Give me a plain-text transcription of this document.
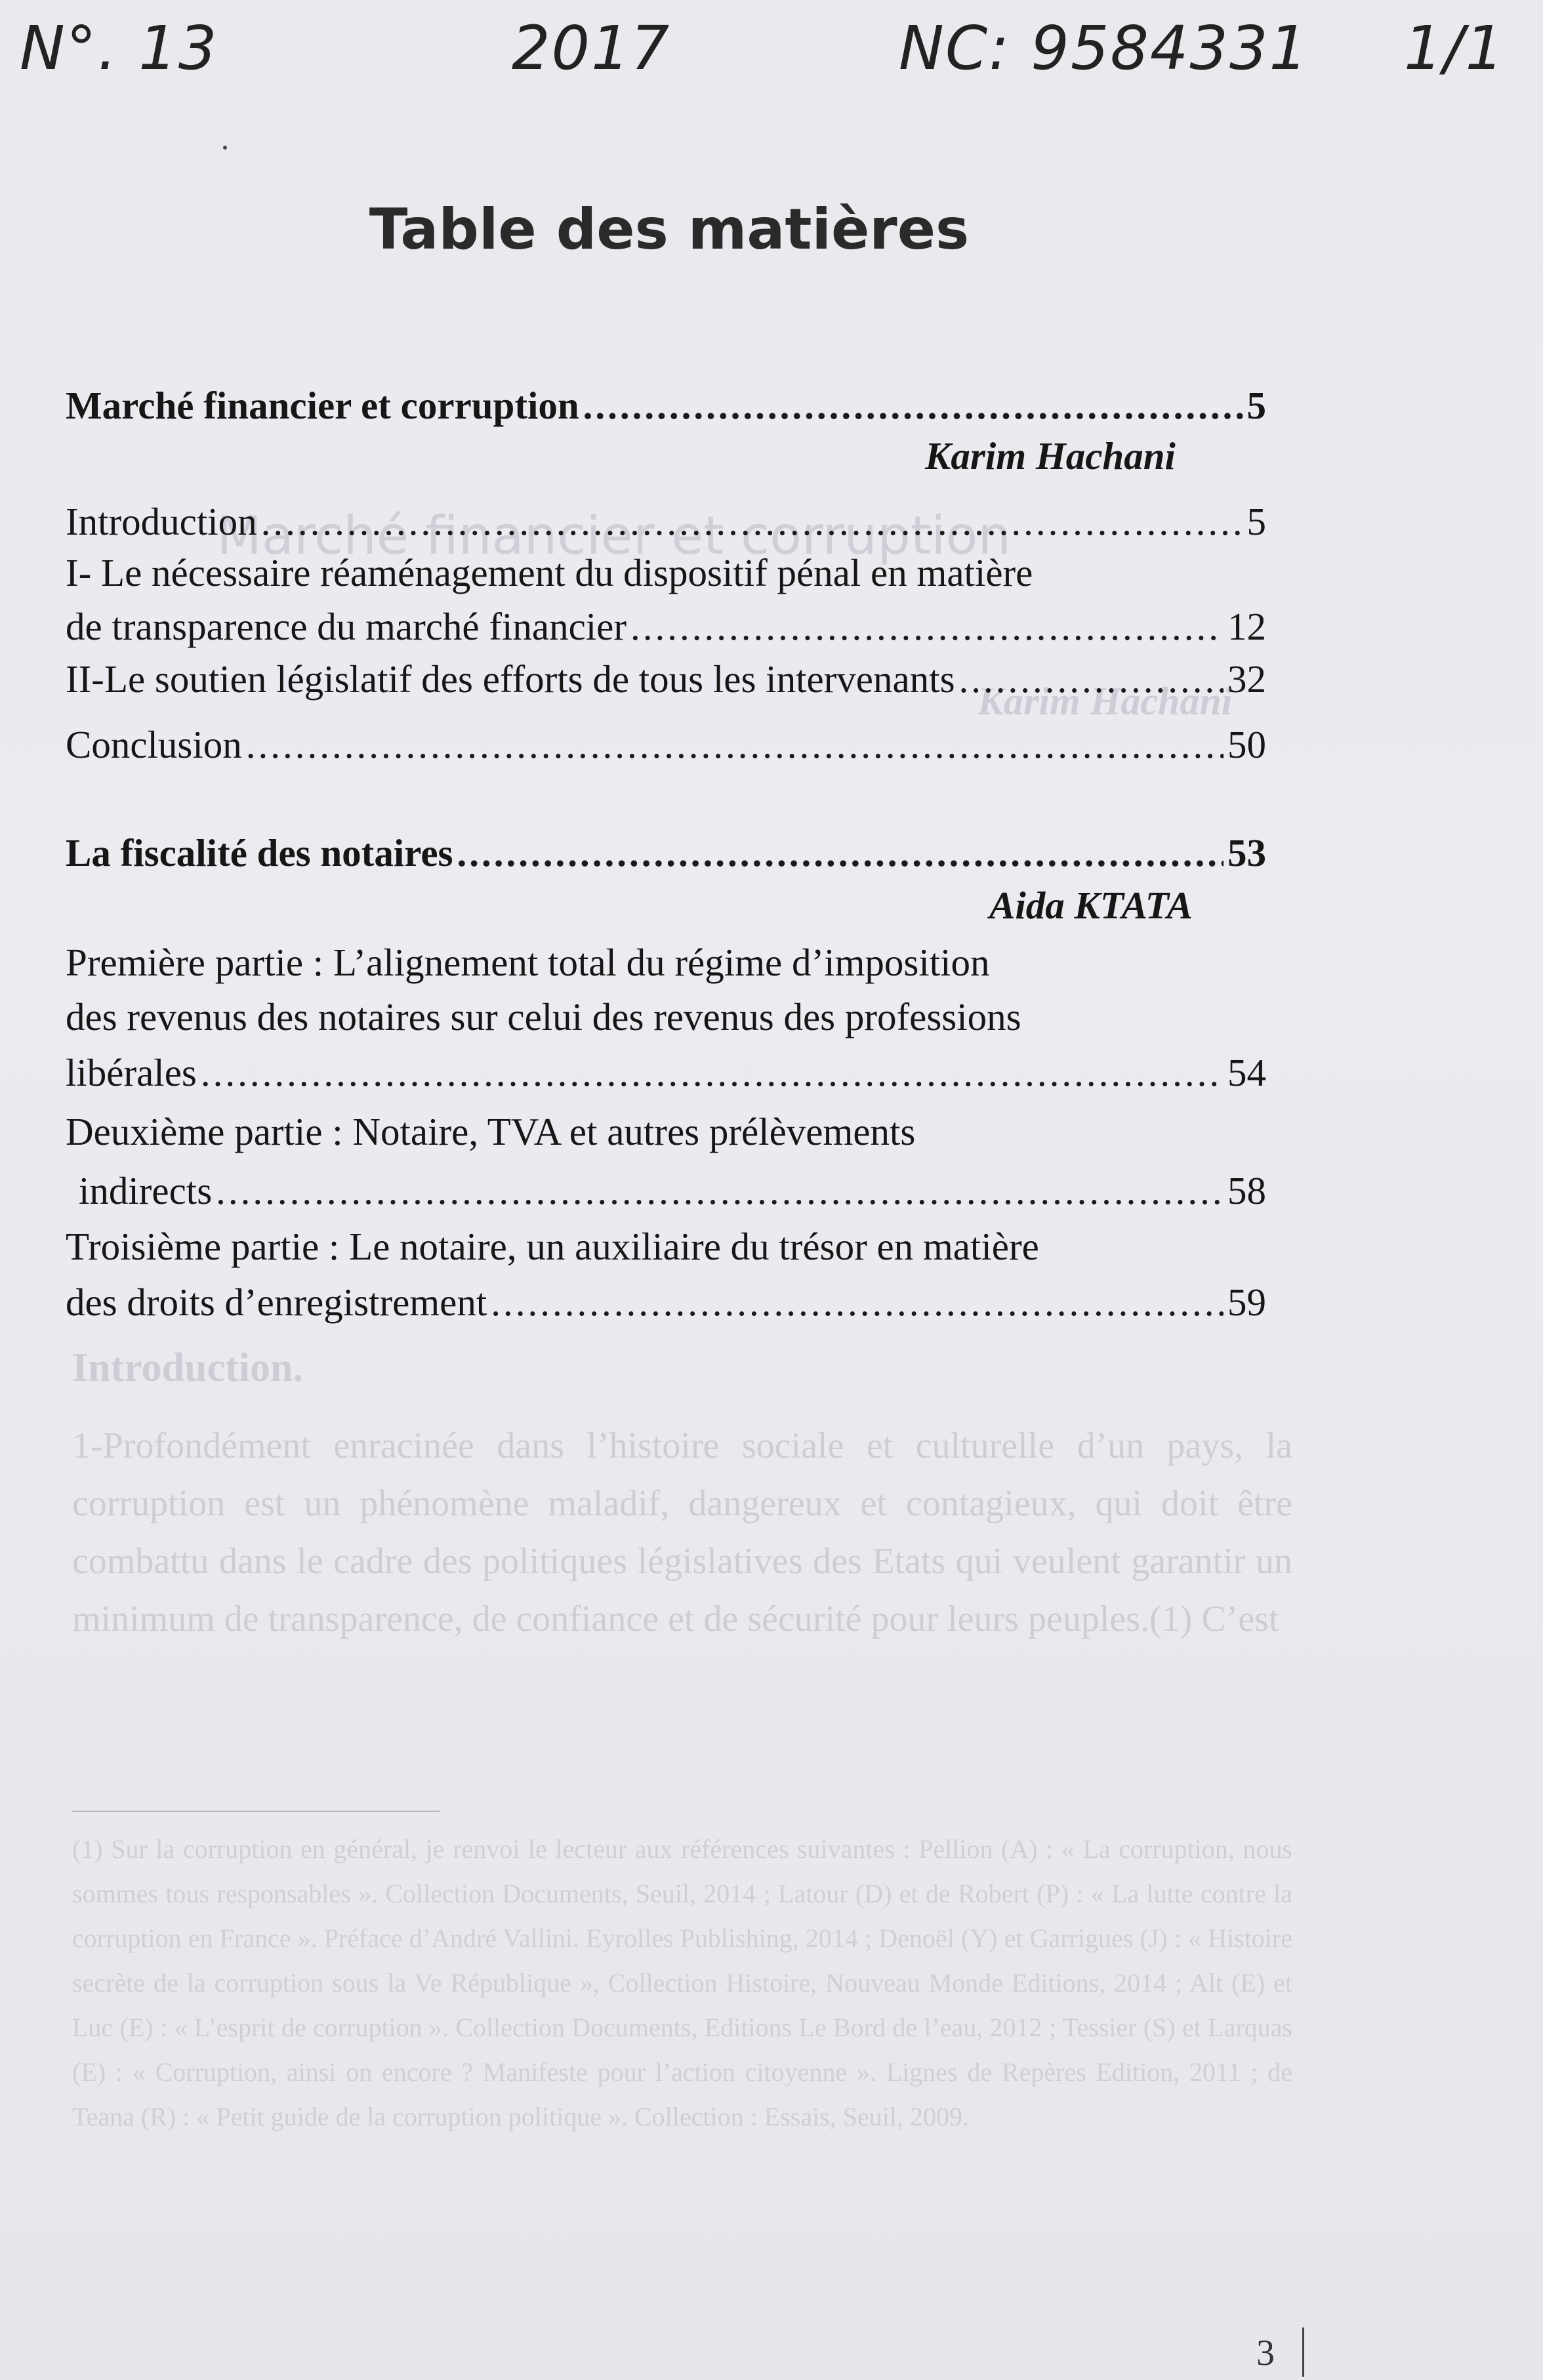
N°. 13	2017	NC: 9584331 1/1
Marché financier et corruption
Karim Hachani
Introduction.
1-Profondément enracinée dans l’histoire sociale et culturelle d’un pays, la corruption est un phénomène maladif, dangereux et contagieux, qui doit être combattu dans le cadre des politiques législatives des Etats qui veulent garantir un minimum de transparence, de confiance et de sécurité pour leurs peuples.(1) C’est
(1) Sur la corruption en général, je renvoi le lecteur aux références suivantes : Pellion (A) : « La corruption, nous sommes tous responsables ». Collection Documents, Seuil, 2014 ; Latour (D) et de Robert (P) : « La lutte contre la corruption en France ». Préface d’André Vallini. Eyrolles Publishing, 2014 ; Denoël (Y) et Garrigues (J) : « Histoire secrète de la corruption sous la Ve République », Collection Histoire, Nouveau Monde Editions, 2014 ; Alt (E) et Luc (E) : « L’esprit de corruption ». Collection Documents, Editions Le Bord de l’eau, 2012 ; Tessier (S) et Larquas (E) : « Corruption, ainsi on encore ? Manifeste pour l’action citoyenne ». Lignes de Repères Edition, 2011 ; de Teana (R) : « Petit guide de la corruption politique ». Collection : Essais, Seuil, 2009.
Table des matières
Marché financier et corruption .....	5
Karim Hachani
Introduction .....	5
I- Le nécessaire réaménagement du dispositif pénal en matière
de transparence du marché financier .....	12
II-Le soutien législatif des efforts de tous les intervenants .....	32
Conclusion .....	50
La fiscalité des notaires .....	53
Aida KTATA
Première partie : L’alignement total du régime d’imposition
des revenus des notaires sur celui des revenus des professions
libérales .....	54
Deuxième partie : Notaire, TVA et autres prélèvements
indirects .....	58
Troisième partie : Le notaire, un auxiliaire du trésor en matière
des droits d’enregistrement .....	59
3
